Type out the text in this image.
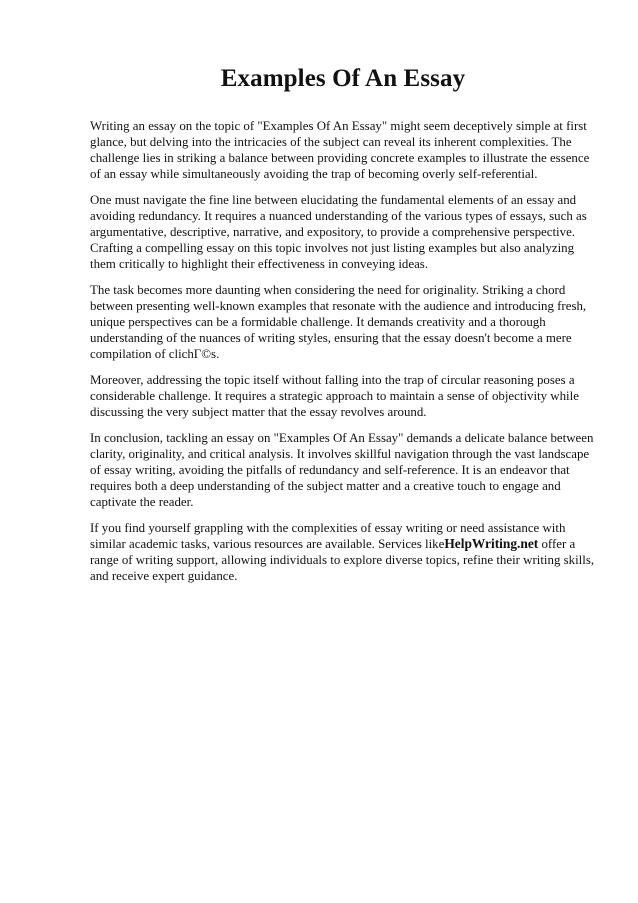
Examples Of An Essay

Writing an essay on the topic of "Examples Of An Essay" might seem deceptively simple at first glance, but delving into the intricacies of the subject can reveal its inherent complexities. The challenge lies in striking a balance between providing concrete examples to illustrate the essence of an essay while simultaneously avoiding the trap of becoming overly self-referential.

One must navigate the fine line between elucidating the fundamental elements of an essay and avoiding redundancy. It requires a nuanced understanding of the various types of essays, such as argumentative, descriptive, narrative, and expository, to provide a comprehensive perspective. Crafting a compelling essay on this topic involves not just listing examples but also analyzing them critically to highlight their effectiveness in conveying ideas.

The task becomes more daunting when considering the need for originality. Striking a chord between presenting well-known examples that resonate with the audience and introducing fresh, unique perspectives can be a formidable challenge. It demands creativity and a thorough understanding of the nuances of writing styles, ensuring that the essay doesn't become a mere compilation of clichГ©s.

Moreover, addressing the topic itself without falling into the trap of circular reasoning poses a considerable challenge. It requires a strategic approach to maintain a sense of objectivity while discussing the very subject matter that the essay revolves around.

In conclusion, tackling an essay on "Examples Of An Essay" demands a delicate balance between clarity, originality, and critical analysis. It involves skillful navigation through the vast landscape of essay writing, avoiding the pitfalls of redundancy and self-reference. It is an endeavor that requires both a deep understanding of the subject matter and a creative touch to engage and captivate the reader.

If you find yourself grappling with the complexities of essay writing or need assistance with similar academic tasks, various resources are available. Services likeHelpWriting.net offer a range of writing support, allowing individuals to explore diverse topics, refine their writing skills, and receive expert guidance.
